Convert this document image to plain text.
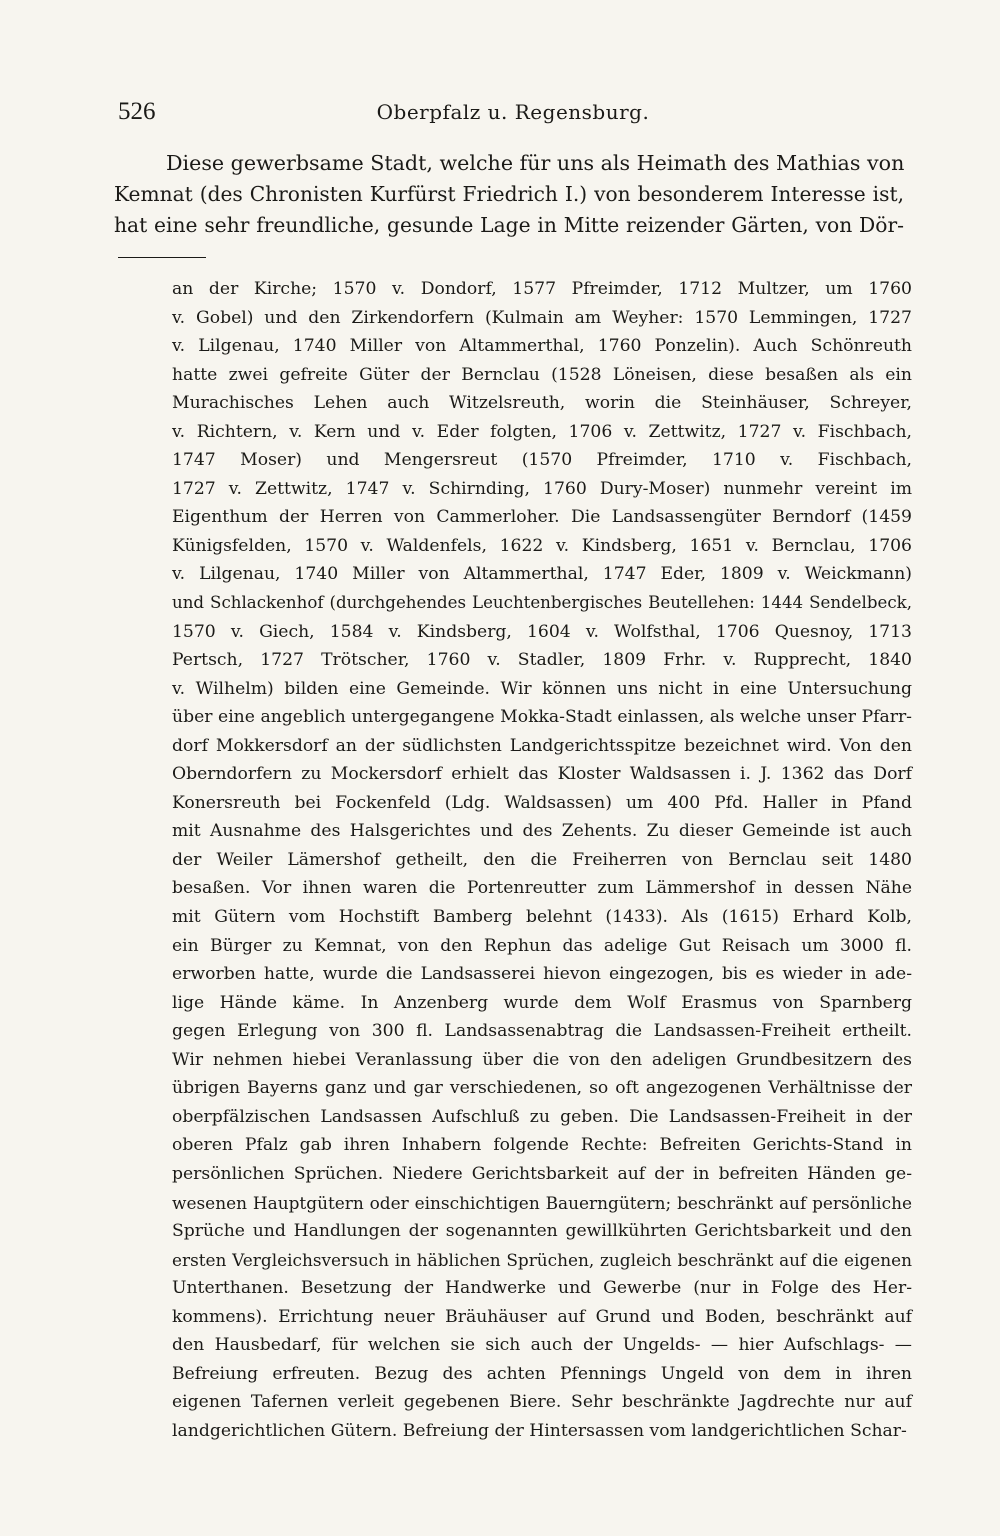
526	Oberpfalz u. Regensburg.
Diese gewerbsame Stadt, welche für uns als Heimath des Mathias von
Kemnat (des Chronisten Kurfürst Friedrich I.) von besonderem Interesse ist,
hat eine sehr freundliche, gesunde Lage in Mitte reizender Gärten, von Dör-
an der Kirche; 1570 v. Dondorf, 1577 Pfreimder, 1712 Multzer, um 1760
v. Gobel) und den Zirkendorfern (Kulmain am Weyher: 1570 Lemmingen, 1727
v. Lilgenau, 1740 Miller von Altammerthal, 1760 Ponzelin). Auch Schönreuth
hatte zwei gefreite Güter der Bernclau (1528 Löneisen, diese besaßen als ein
Murachisches Lehen auch Witzelsreuth, worin die Steinhäuser, Schreyer,
v. Richtern, v. Kern und v. Eder folgten, 1706 v. Zettwitz, 1727 v. Fischbach,
1747 Moser) und Mengersreut (1570 Pfreimder, 1710 v. Fischbach,
1727 v. Zettwitz, 1747 v. Schirnding, 1760 Dury-Moser) nunmehr vereint im
Eigenthum der Herren von Cammerloher. Die Landsassengüter Berndorf (1459
Künigsfelden, 1570 v. Waldenfels, 1622 v. Kindsberg, 1651 v. Bernclau, 1706
v. Lilgenau, 1740 Miller von Altammerthal, 1747 Eder, 1809 v. Weickmann)
und Schlackenhof (durchgehendes Leuchtenbergisches Beutellehen: 1444 Sendelbeck,
1570 v. Giech, 1584 v. Kindsberg, 1604 v. Wolfsthal, 1706 Quesnoy, 1713
Pertsch, 1727 Trötscher, 1760 v. Stadler, 1809 Frhr. v. Rupprecht, 1840
v. Wilhelm) bilden eine Gemeinde. Wir können uns nicht in eine Untersuchung
über eine angeblich untergegangene Mokka-Stadt einlassen, als welche unser Pfarr-
dorf Mokkersdorf an der südlichsten Landgerichtsspitze bezeichnet wird. Von den
Oberndorfern zu Mockersdorf erhielt das Kloster Waldsassen i. J. 1362 das Dorf
Konersreuth bei Fockenfeld (Ldg. Waldsassen) um 400 Pfd. Haller in Pfand
mit Ausnahme des Halsgerichtes und des Zehents. Zu dieser Gemeinde ist auch
der Weiler Lämershof getheilt, den die Freiherren von Bernclau seit 1480
besaßen. Vor ihnen waren die Portenreutter zum Lämmershof in dessen Nähe
mit Gütern vom Hochstift Bamberg belehnt (1433). Als (1615) Erhard Kolb,
ein Bürger zu Kemnat, von den Rephun das adelige Gut Reisach um 3000 fl.
erworben hatte, wurde die Landsasserei hievon eingezogen, bis es wieder in ade-
lige Hände käme. In Anzenberg wurde dem Wolf Erasmus von Sparnberg
gegen Erlegung von 300 fl. Landsassenabtrag die Landsassen-Freiheit ertheilt.
Wir nehmen hiebei Veranlassung über die von den adeligen Grundbesitzern des
übrigen Bayerns ganz und gar verschiedenen, so oft angezogenen Verhältnisse der
oberpfälzischen Landsassen Aufschluß zu geben. Die Landsassen-Freiheit in der
oberen Pfalz gab ihren Inhabern folgende Rechte: Befreiten Gerichts-Stand in
persönlichen Sprüchen. Niedere Gerichtsbarkeit auf der in befreiten Händen ge-
wesenen Hauptgütern oder einschichtigen Bauerngütern; beschränkt auf persönliche
Sprüche und Handlungen der sogenannten gewillkührten Gerichtsbarkeit und den
ersten Vergleichsversuch in häblichen Sprüchen, zugleich beschränkt auf die eigenen
Unterthanen. Besetzung der Handwerke und Gewerbe (nur in Folge des Her-
kommens). Errichtung neuer Bräuhäuser auf Grund und Boden, beschränkt auf
den Hausbedarf, für welchen sie sich auch der Ungelds- — hier Aufschlags- —
Befreiung erfreuten. Bezug des achten Pfennings Ungeld von dem in ihren
eigenen Tafernen verleit gegebenen Biere. Sehr beschränkte Jagdrechte nur auf
landgerichtlichen Gütern. Befreiung der Hintersassen vom landgerichtlichen Schar-
